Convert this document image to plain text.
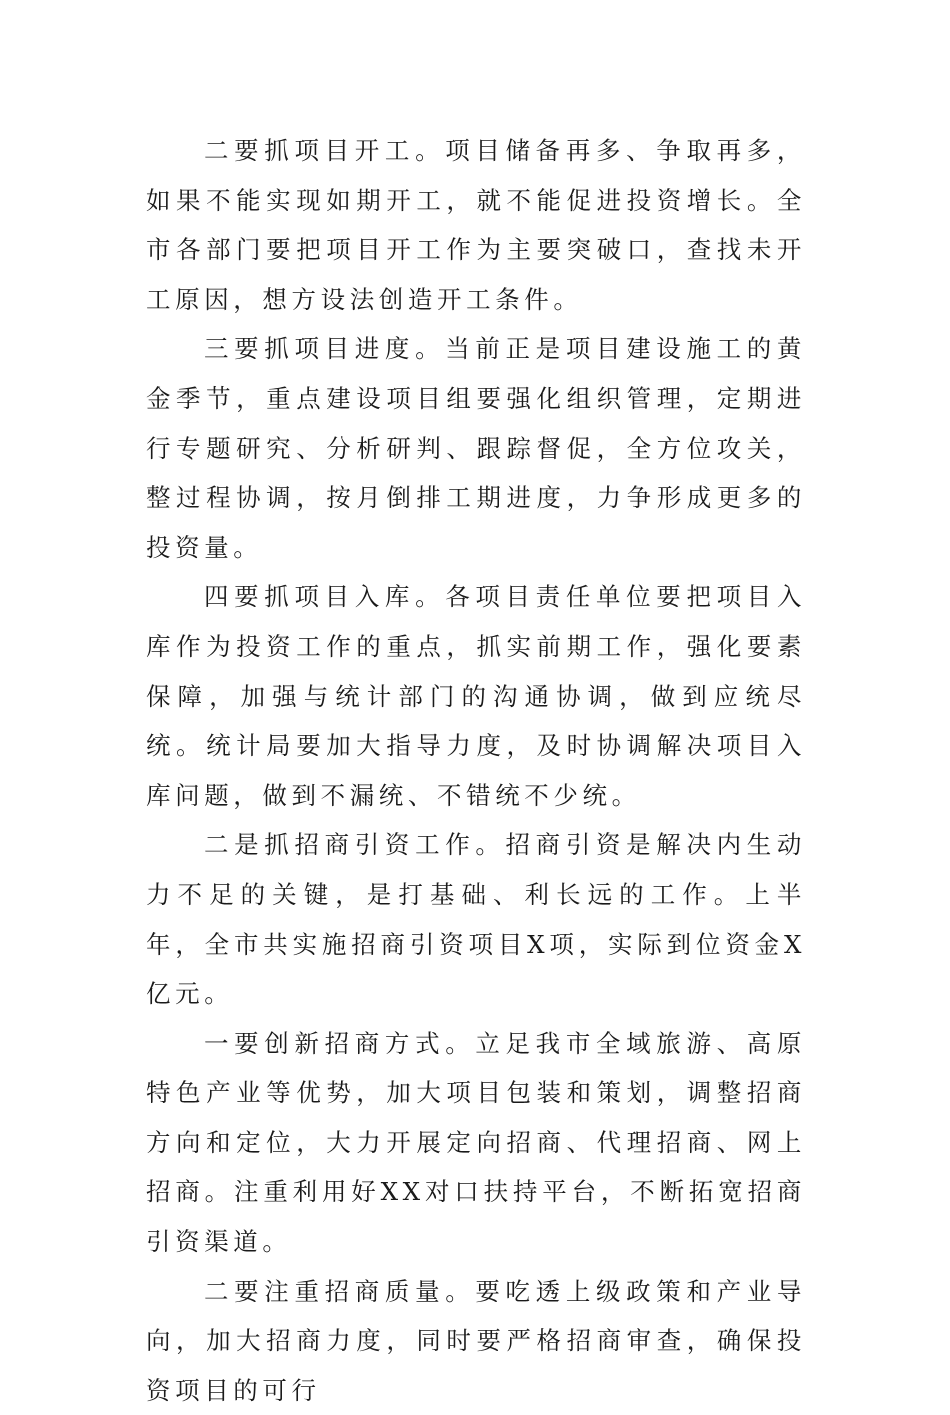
二要抓项目开工。项目储备再多、争取再多，如果不能实现如期开工，就不能促进投资增长。全市各部门要把项目开工作为主要突破口，查找未开工原因，想方设法创造开工条件。

三要抓项目进度。当前正是项目建设施工的黄金季节，重点建设项目组要强化组织管理，定期进行专题研究、分析研判、跟踪督促，全方位攻关，整过程协调，按月倒排工期进度，力争形成更多的投资量。

四要抓项目入库。各项目责任单位要把项目入库作为投资工作的重点，抓实前期工作，强化要素保障，加强与统计部门的沟通协调，做到应统尽统。统计局要加大指导力度，及时协调解决项目入库问题，做到不漏统、不错统不少统。

二是抓招商引资工作。招商引资是解决内生动力不足的关键，是打基础、利长远的工作。上半年，全市共实施招商引资项目X项，实际到位资金X亿元。

一要创新招商方式。立足我市全域旅游、高原特色产业等优势，加大项目包装和策划，调整招商方向和定位，大力开展定向招商、代理招商、网上招商。注重利用好XX对口扶持平台，不断拓宽招商引资渠道。

二要注重招商质量。要吃透上级政策和产业导向，加大招商力度，同时要严格招商审查，确保投资项目的可行
